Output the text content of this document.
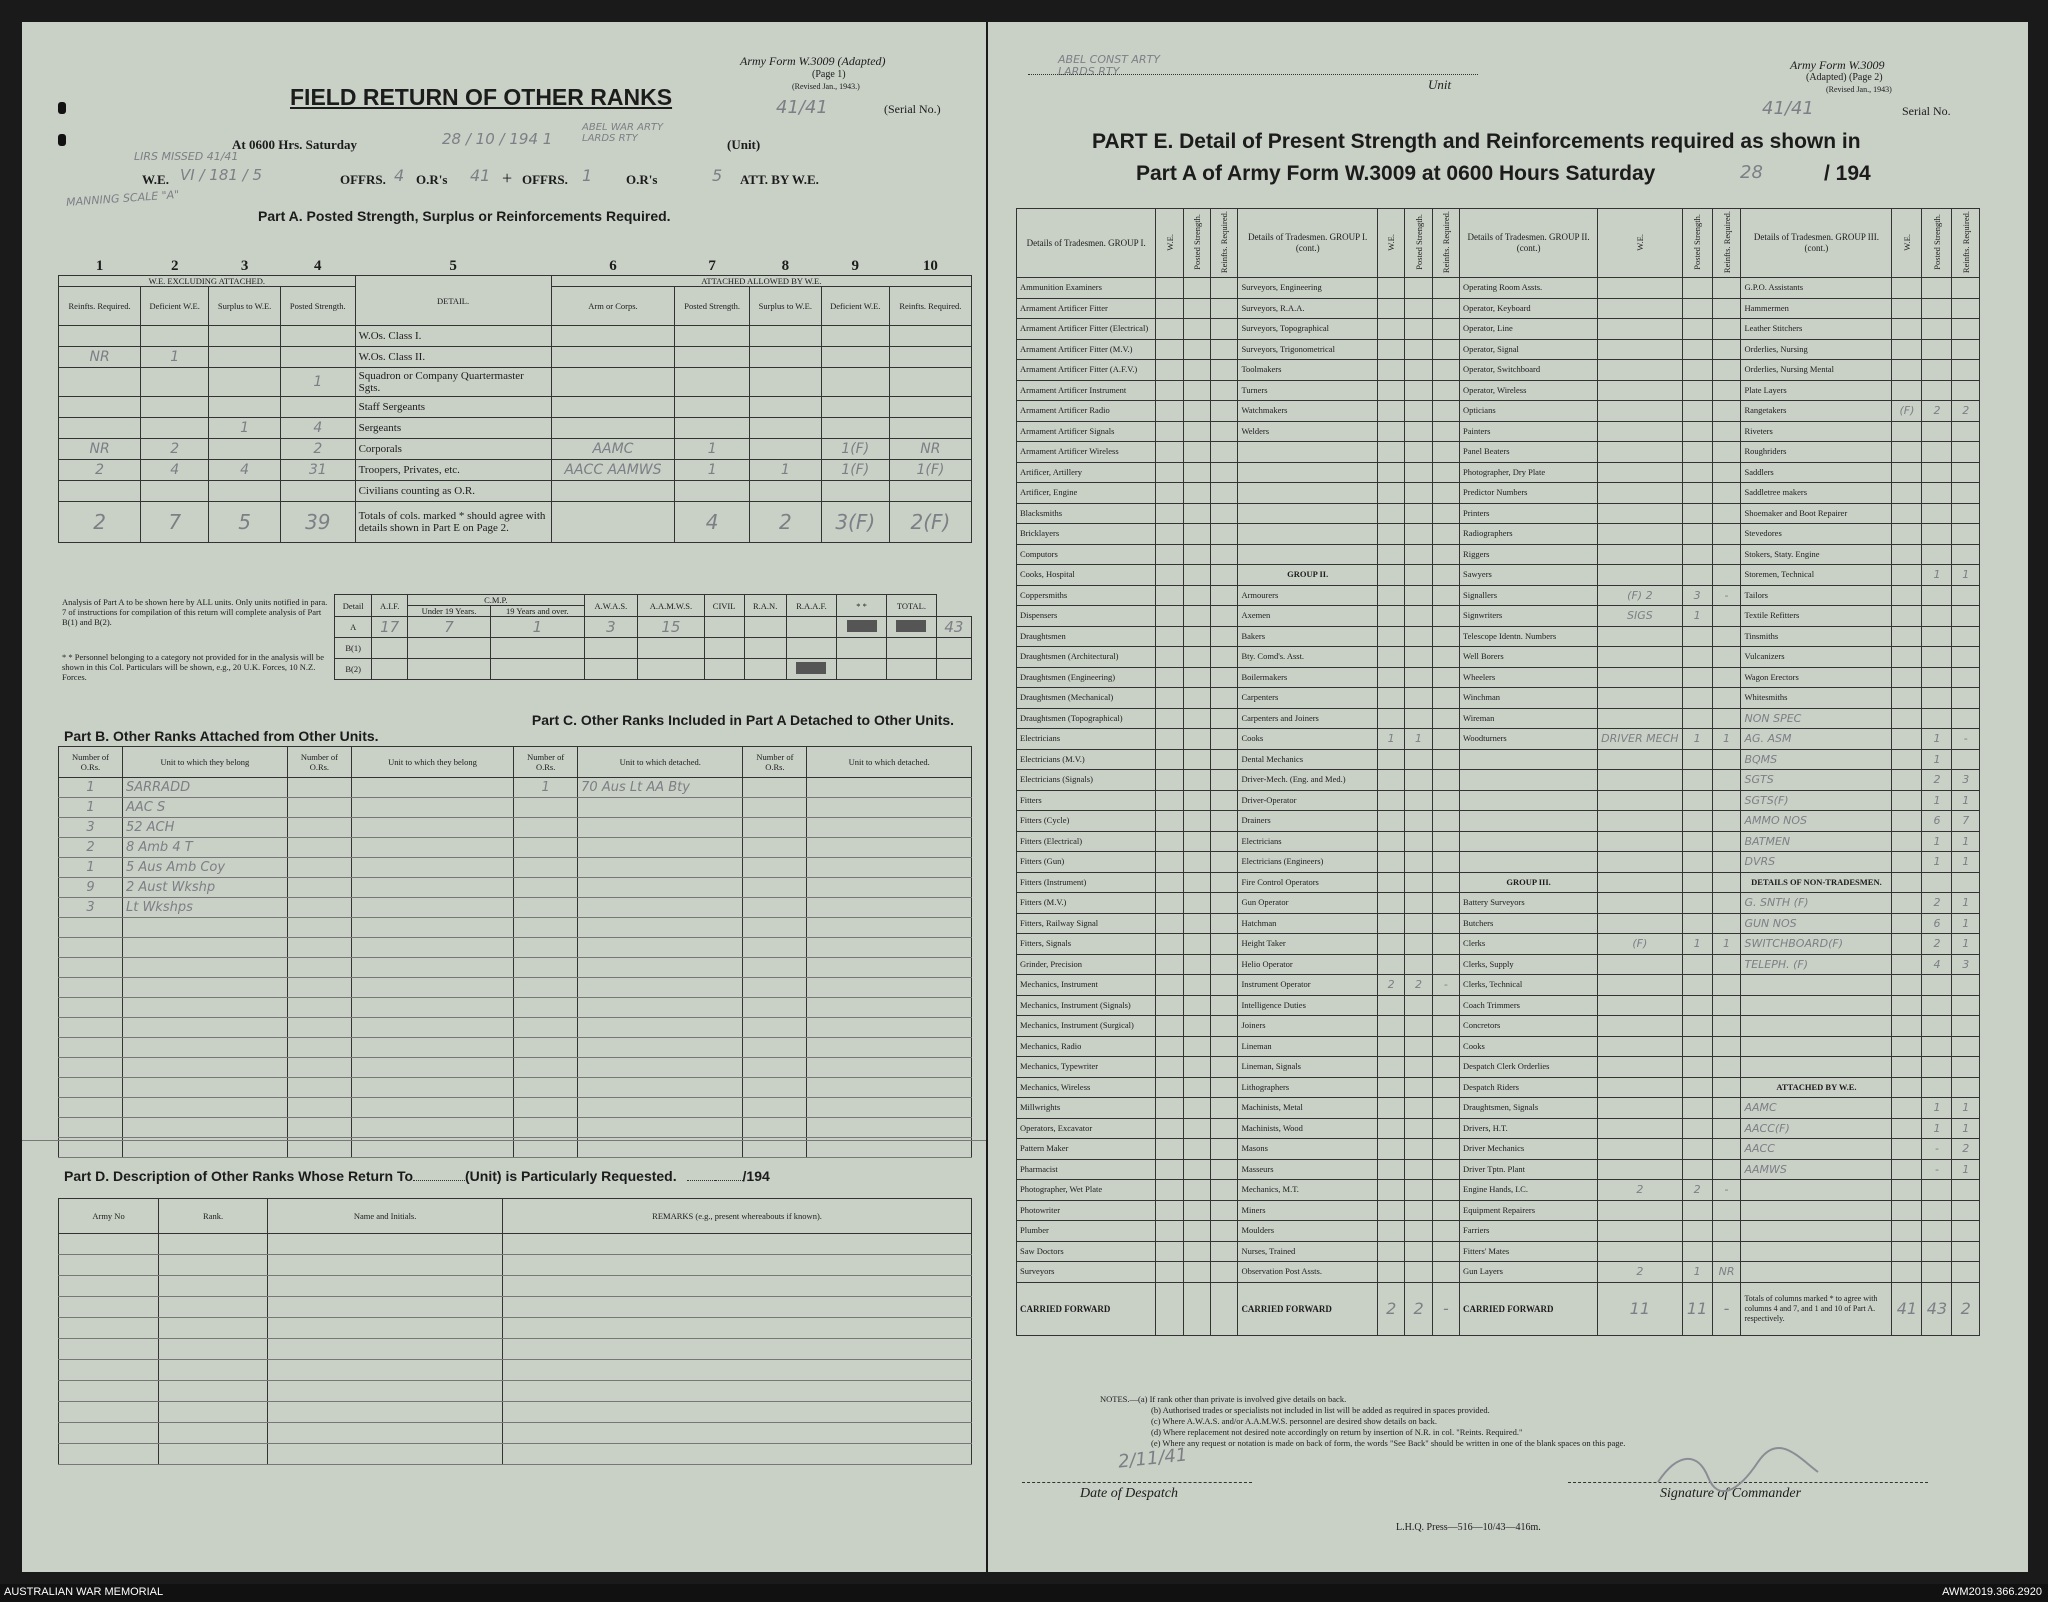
Army Form W.3009 (Adapted)
(Page 1)
(Revised Jan., 1943.)
41/41	(Serial No.)
FIELD RETURN OF OTHER RANKS
At 0600 Hrs. Saturday	28 / 10 / 194 1
ABEL WAR ARTY LARDS RTY	(Unit)
LIRS MISSED 41/41
MANNING SCALE "A"
W.E. VI / 181 / 5	OFFRS. 4 O.R's 41 + OFFRS. 1	O.R's	5 ATT. BY W.E.
Part A. Posted Strength, Surplus or Reinforcements Required.
1	2	3	4	5	6	7	8	9	10
W.E. EXCLUDING ATTACHED.				DETAIL.	ATTACHED ALLOWED BY W.E.				
Reinfts. Required.	Deficient W.E.	Surplus to W.E.	Posted Strength.		Arm or Corps.	Posted Strength.	Surplus to W.E.	Deficient W.E.	Reinfts. Required.
				W.Os. Class I.					
NR	1			W.Os. Class II.					
			1	Squadron or Company Quartermaster Sgts.					
				Staff Sergeants					
		1	4	Sergeants					
NR	2		2	Corporals	AAMC	1		1(F)	NR
2	4	4	31	Troopers, Privates, etc.	AACC AAMWS	1	1	1(F)	1(F)
				Civilians counting as O.R.					
2	7	5	39	Totals of cols. marked * should agree with details shown in Part E on Page 2.		4	2	3(F)	2(F)
Analysis of Part A to be shown here by ALL units. Only units notified in para. 7 of instructions for compilation of this return will complete analysis of Part B(1) and B(2).
* * Personnel belonging to a category not provided for in the analysis will be shown in this Col. Particulars will be shown, e.g., 20 U.K. Forces, 10 N.Z. Forces.
Detail	A.I.F.	C.M.P.		A.W.A.S.	A.A.M.W.S.	CIVIL	R.A.N.	R.A.A.F.	* *	TOTAL.	
		Under 19 Years.	19 Years and over.								
A	17	7	1	3	15						43
B(1)											
B(2)											
Part B. Other Ranks Attached from Other Units.
Part C. Other Ranks Included in Part A Detached to Other Units.
Number of O.Rs.	Unit to which they belong	Number of O.Rs.	Unit to which they belong	Number of O.Rs.	Unit to which detached.	Number of O.Rs.	Unit to which detached.
1	SARRADD			1	70 Aus Lt AA Bty		
1	AAC S						
3	52 ACH						
2	8 Amb 4 T						
1	5 Aus Amb Coy						
9	2 Aust Wkshp						
3	Lt Wkshps						

Part D. Description of Other Ranks Whose Return To	(Unit) is Particularly Requested.	/194
Army No	Rank.	Name and Initials.	REMARKS (e.g., present whereabouts if known).

ABEL CONST ARTY LARDS RTY
Unit
Army Form W.3009
(Adapted) (Page 2)
(Revised Jan., 1943)
41/41	Serial No.
PART E. Detail of Present Strength and Reinforcements required as shown in
Part A of Army Form W.3009 at 0600 Hours Saturday	28	/ 194
Details of Tradesmen. GROUP I.	W.E.	Posted Strength.	Reinfts. Required.	Details of Tradesmen. GROUP I. (cont.)	W.E.	Posted Strength.	Reinfts. Required.	Details of Tradesmen. GROUP II. (cont.)	W.E.	Posted Strength.	Reinfts. Required.	Details of Tradesmen. GROUP III. (cont.)	W.E.	Posted Strength.	Reinfts. Required.
Ammunition Examiners				Surveyors, Engineering				Operating Room Assts.				G.P.O. Assistants			
Armament Artificer Fitter				Surveyors, R.A.A.				Operator, Keyboard				Hammermen			
Armament Artificer Fitter (Electrical)				Surveyors, Topographical				Operator, Line				Leather Stitchers			
Armament Artificer Fitter (M.V.)				Surveyors, Trigonometrical				Operator, Signal				Orderlies, Nursing			
Armament Artificer Fitter (A.F.V.)				Toolmakers				Operator, Switchboard				Orderlies, Nursing Mental			
Armament Artificer Instrument				Turners				Operator, Wireless				Plate Layers			
Armament Artificer Radio				Watchmakers				Opticians				Rangetakers	(F)	2	2
Armament Artificer Signals				Welders				Painters				Riveters			
Armament Artificer Wireless								Panel Beaters				Roughriders			
Artificer, Artillery								Photographer, Dry Plate				Saddlers			
Artificer, Engine								Predictor Numbers				Saddletree makers			
Blacksmiths								Printers				Shoemaker and Boot Repairer			
Bricklayers								Radiographers				Stevedores			
Computors								Riggers				Stokers, Staty. Engine			
Cooks, Hospital				GROUP II.				Sawyers				Storemen, Technical		1	1
Coppersmiths				Armourers				Signallers	(F) 2	3	-	Tailors			
Dispensers				Axemen				Signwriters	SIGS	1		Textile Refitters			
Draughtsmen				Bakers				Telescope Identn. Numbers				Tinsmiths			
Draughtsmen (Architectural)				Bty. Comd's. Asst.				Well Borers				Vulcanizers			
Draughtsmen (Engineering)				Boilermakers				Wheelers				Wagon Erectors			
Draughtsmen (Mechanical)				Carpenters				Winchman				Whitesmiths			
Draughtsmen (Topographical)				Carpenters and Joiners				Wireman				NON SPEC			
Electricians				Cooks	1	1		Woodturners	DRIVER MECH	1	1	AG. ASM		1	-
Electricians (M.V.)				Dental Mechanics								BQMS		1	
Electricians (Signals)				Driver-Mech. (Eng. and Med.)								SGTS		2	3
Fitters				Driver-Operator								SGTS(F)		1	1
Fitters (Cycle)				Drainers								AMMO NOS		6	7
Fitters (Electrical)				Electricians								BATMEN		1	1
Fitters (Gun)				Electricians (Engineers)								DVRS		1	1
Fitters (Instrument)				Fire Control Operators				GROUP III.				DETAILS OF NON-TRADESMEN.			
Fitters (M.V.)				Gun Operator				Battery Surveyors				G. SNTH (F)		2	1
Fitters, Railway Signal				Hatchman				Butchers				GUN NOS		6	1
Fitters, Signals				Height Taker				Clerks	(F)	1	1	SWITCHBOARD(F)		2	1
Grinder, Precision				Helio Operator				Clerks, Supply				TELEPH. (F)		4	3
Mechanics, Instrument				Instrument Operator	2	2	-	Clerks, Technical							
Mechanics, Instrument (Signals)				Intelligence Duties				Coach Trimmers							
Mechanics, Instrument (Surgical)				Joiners				Concretors							
Mechanics, Radio				Lineman				Cooks							
Mechanics, Typewriter				Lineman, Signals				Despatch Clerk Orderlies							
Mechanics, Wireless				Lithographers				Despatch Riders				ATTACHED BY W.E.			
Millwrights				Machinists, Metal				Draughtsmen, Signals				AAMC		1	1
Operators, Excavator				Machinists, Wood				Drivers, H.T.				AACC(F)		1	1
Pattern Maker				Masons				Driver Mechanics				AACC		-	2
Pharmacist				Masseurs				Driver Tptn. Plant				AAMWS		-	1
Photographer, Wet Plate				Mechanics, M.T.				Engine Hands, I.C.	2	2	-				
Photowriter				Miners				Equipment Repairers							
Plumber				Moulders				Farriers							
Saw Doctors				Nurses, Trained				Fitters' Mates							
Surveyors				Observation Post Assts.				Gun Layers	2	1	NR				
CARRIED FORWARD				CARRIED FORWARD	2	2	-	CARRIED FORWARD	11	11	-	Totals of columns marked * to agree with columns 4 and 7, and 1 and 10 of Part A. respectively.	41	43	2
NOTES.—(a) If rank other than private is involved give details on back.
(b) Authorised trades or specialists not included in list will be added as required in spaces provided.
(c) Where A.W.A.S. and/or A.A.M.W.S. personnel are desired show details on back.
(d) Where replacement not desired note accordingly on return by insertion of N.R. in col. "Reints. Required."
(e) Where any request or notation is made on back of form, the words "See Back" should be written in one of the blank spaces on this page.
2/11/41
Date of Despatch	Signature of Commander
L.H.Q. Press—516—10/43—416m.
AUSTRALIAN WAR MEMORIAL	AWM2019.366.2920
